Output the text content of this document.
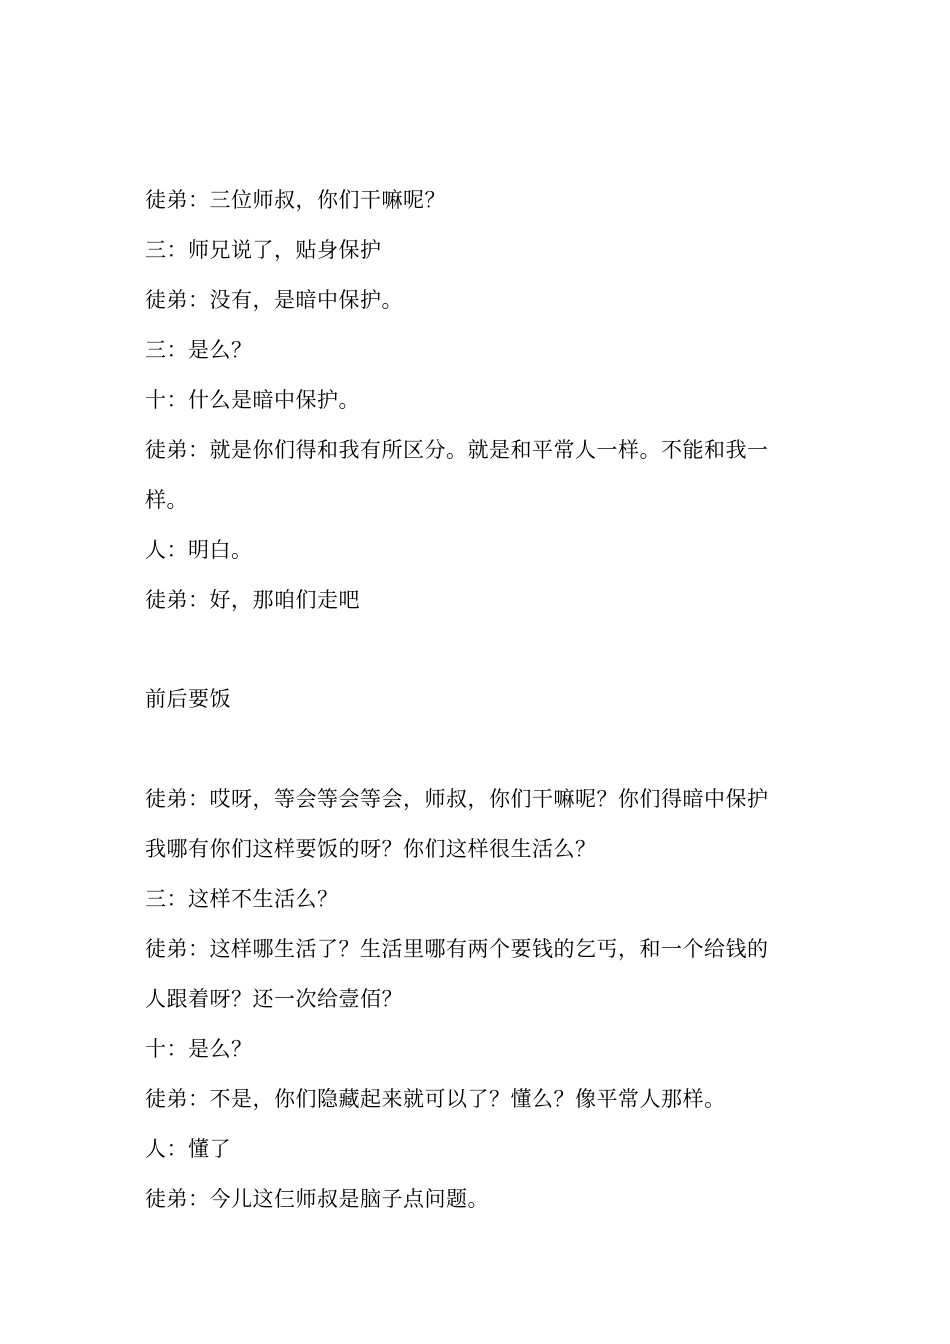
徒弟：三位师叔，你们干嘛呢？
三：师兄说了，贴身保护
徒弟：没有，是暗中保护。
三：是么？
十：什么是暗中保护。
徒弟：就是你们得和我有所区分。就是和平常人一样。不能和我一
样。
人：明白。
徒弟：好，那咱们走吧
前后要饭
徒弟：哎呀，等会等会等会，师叔，你们干嘛呢？你们得暗中保护
我哪有你们这样要饭的呀？你们这样很生活么？
三：这样不生活么？
徒弟：这样哪生活了？生活里哪有两个要钱的乞丐，和一个给钱的
人跟着呀？还一次给壹佰？
十：是么？
徒弟：不是，你们隐藏起来就可以了？懂么？像平常人那样。
人：懂了
徒弟：今儿这仨师叔是脑子点问题。
